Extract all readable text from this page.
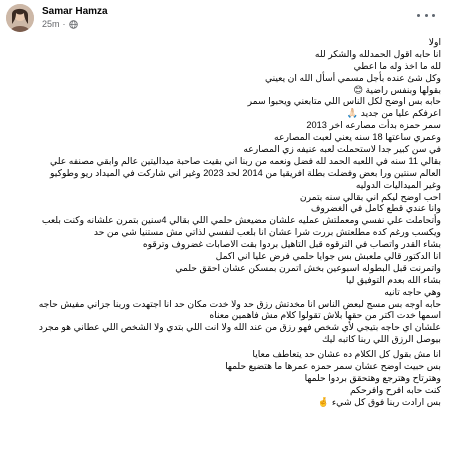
Samar Hamza
25m ·
اولا
انا حابه اقول الحمدلله والشكر لله
لله ما اخذ وله ما اعطي
وكل شئ عنده بأجل مسمي أسأل الله ان يعيني
بقولها وبنفس راضية 😊
حابه بس اوضح لكل الناس اللي متابعني ويحبوا سمر
اعرفكم عليا من جديد 🙏🏻
سمر حمزه بدأت مصارعه اخر 2013
وعمري ساعتها 18 سنه يعني لعبت المصارعه
في سن كبير جدا لاستحملت لعبه عنيفه زي المصارعه
بقالي 11 سنه في اللعبه الحمد لله فضل ونعمه من ربنا اني بقيت صاحبة ميداليتين عالم وابقي مصنفه علي
العالم سنتين ورا بعض وفضلت بطلة افريقيا من 2014 لحد 2023 وغير اني شاركت في الميداد ريو وطوكيو
وغير الميداليات الدوليه
احب اوضح ليكم اني بقالي سنه بتمرن
وانا عندي قطع كامل في الغضروف
وأتحاملت علي نفسي ومعملتش عمليه علشان مضيعش حلمي اللي بقالي 4سنين بتمرن علشانه وكنت بلعب
ويكسب ورغم كده مطلعتش بررت شرا عشان انا بلعب لنفسي لذاتي مش مستنيا شي من حد
بشاء القدر واتصاب في الترقوه قبل التاهيل بردوا بقت الاصابات غضروف وترقوه
انا الدكتور قالي ملعبش بس جوايا حلمي فرض عليا اني اكمل
واتمرنت قبل البطوله اسبوعين بخش اتمرن بمسكن عشان احقق حلمي
بشاء الله بعدم التوفيق ليا
وهي حاجه تانيه
حابه اوجه بس مسج لبعض الناس انا مخدتش رزق حد ولا خدت مكان حد انا اجتهدت وربنا جزاني مفيش حاجه
اسمها خدت اكتر من حقها بلاش تقولوا كلام مش فاهمين معناه
علشان اي حاجه بتيجي لأي شخص فهو رزق من عند الله ولا انت اللي بتدي ولا الشخص اللي عطاني هو مجرد
بيوصل الرزق اللي ربنا كاتبه ليك
انا مش بقول كل الكلام ده عشان حد يتعاطف معايا
بس حبيت اوضح عشان سمر حمزه عمرها ما هتضيع حلمها
وهترتاح وهترجع وهتحقق بردوا حلمها
كنت حابه افرح وافرحكم
بس ارادت ربنا فوق كل شيء 🤞
